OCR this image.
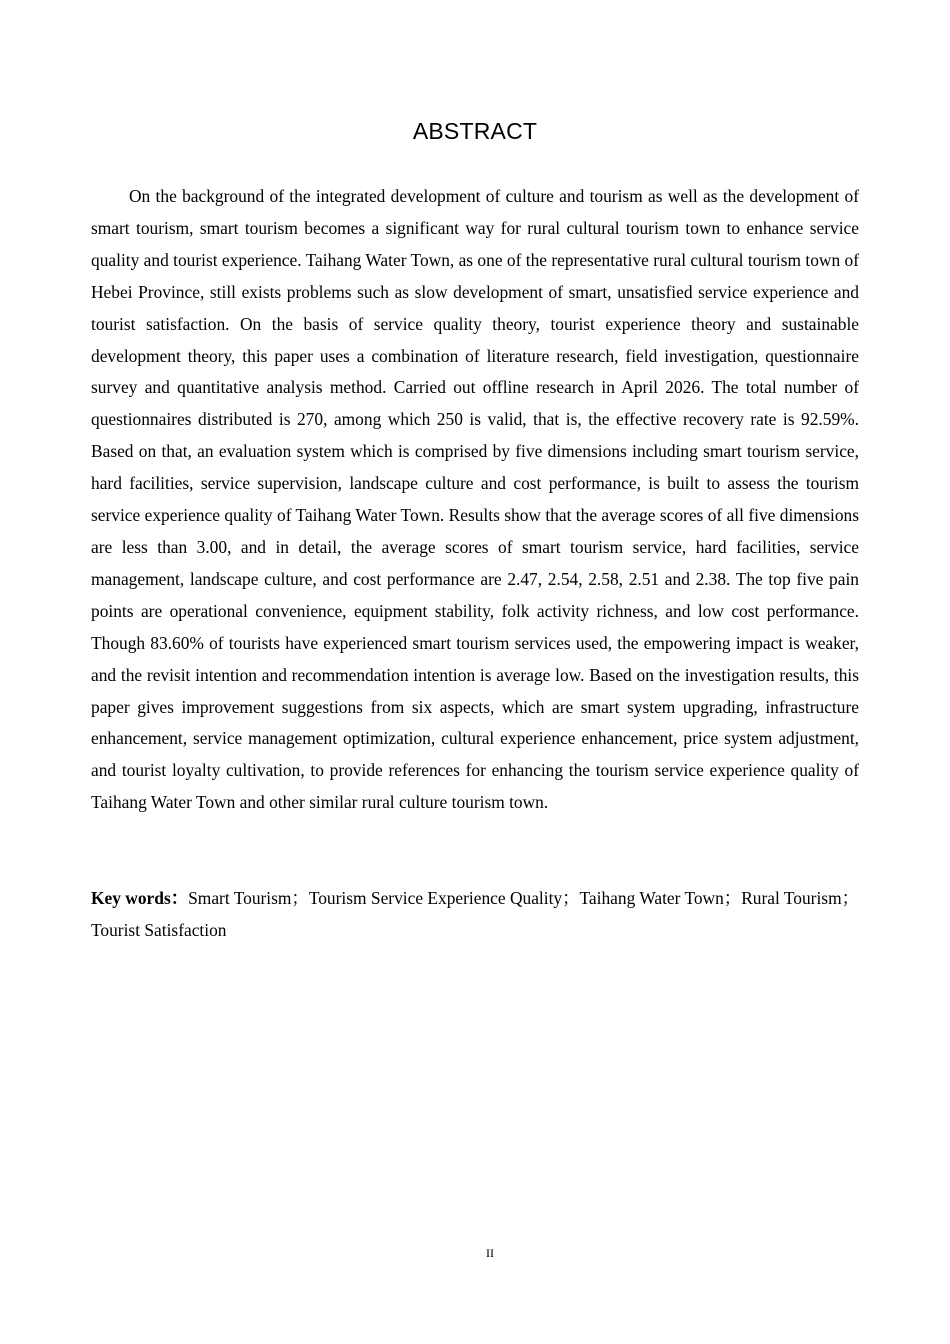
ABSTRACT

On the background of the integrated development of culture and tourism as well as the development of smart tourism, smart tourism becomes a significant way for rural cultural tourism town to enhance service quality and tourist experience. Taihang Water Town, as one of the representative rural cultural tourism town of Hebei Province, still exists problems such as slow development of smart, unsatisfied service experience and tourist satisfaction. On the basis of service quality theory, tourist experience theory and sustainable development theory, this paper uses a combination of literature research, field investigation, questionnaire survey and quantitative analysis method. Carried out offline research in April 2026. The total number of questionnaires distributed is 270, among which 250 is valid, that is, the effective recovery rate is 92.59%. Based on that, an evaluation system which is comprised by five dimensions including smart tourism service, hard facilities, service supervision, landscape culture and cost performance, is built to assess the tourism service experience quality of Taihang Water Town. Results show that the average scores of all five dimensions are less than 3.00, and in detail, the average scores of smart tourism service, hard facilities, service management, landscape culture, and cost performance are 2.47, 2.54, 2.58, 2.51 and 2.38. The top five pain points are operational convenience, equipment stability, folk activity richness, and low cost performance. Though 83.60% of tourists have experienced smart tourism services used, the empowering impact is weaker, and the revisit intention and recommendation intention is average low. Based on the investigation results, this paper gives improvement suggestions from six aspects, which are smart system upgrading, infrastructure enhancement, service management optimization, cultural experience enhancement, price system adjustment, and tourist loyalty cultivation, to provide references for enhancing the tourism service experience quality of Taihang Water Town and other similar rural culture tourism town.

Key words：Smart Tourism；Tourism Service Experience Quality；Taihang Water Town；Rural Tourism；Tourist Satisfaction

II
